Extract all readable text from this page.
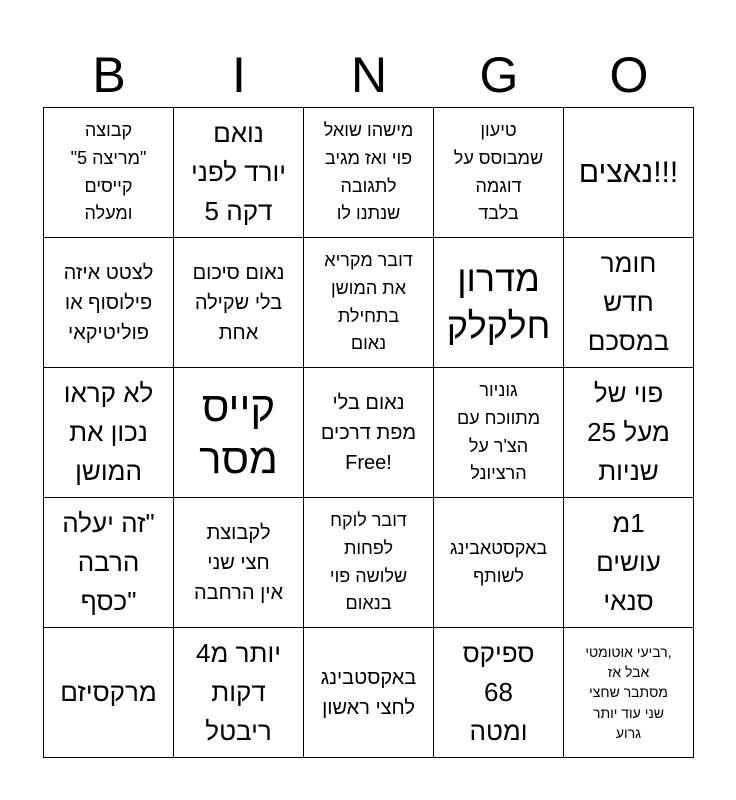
B	I	N	G	O
קבוצה
"מריצה 5"
קייסים
ומעלה
נואם
יורד לפני
דקה 5
מישהו שואל
פוי ואז מגיב
לתגובה
שנתנו לו
טיעון
שמבוסס על
דוגמה
בלבד
!!!נאצים
לצטט איזה
פילוסוף או
פוליטיקאי
נאום סיכום
בלי שקילה
אחת
דובר מקריא
את המושן
בתחילת
נאום
מדרון
חלקלק
חומר
חדש
במסכם
לא קראו
נכון את
המושן
קייס
מסר
נאום בלי
מפת דרכים
!Free
גוניור
מתווכח עם
הצ'ר על
הרציונל
פוי של
מעל 25
שניות
"זה יעלה
הרבה
"כסף
לקבוצת
חצי שני
אין הרחבה
דובר לוקח
לפחות
שלושה פוי
בנאום
באקסטאבינג
לשותף
1מ
עושים
סנאי
מרקסיזם
יותר מ4
דקות
ריבטל
באקסטבינג
לחצי ראשון
ספיקס
68
ומטה
,רביעי אוטומטי
אבל אז
מסתבר שחצי
שני עוד יותר
גרוע
